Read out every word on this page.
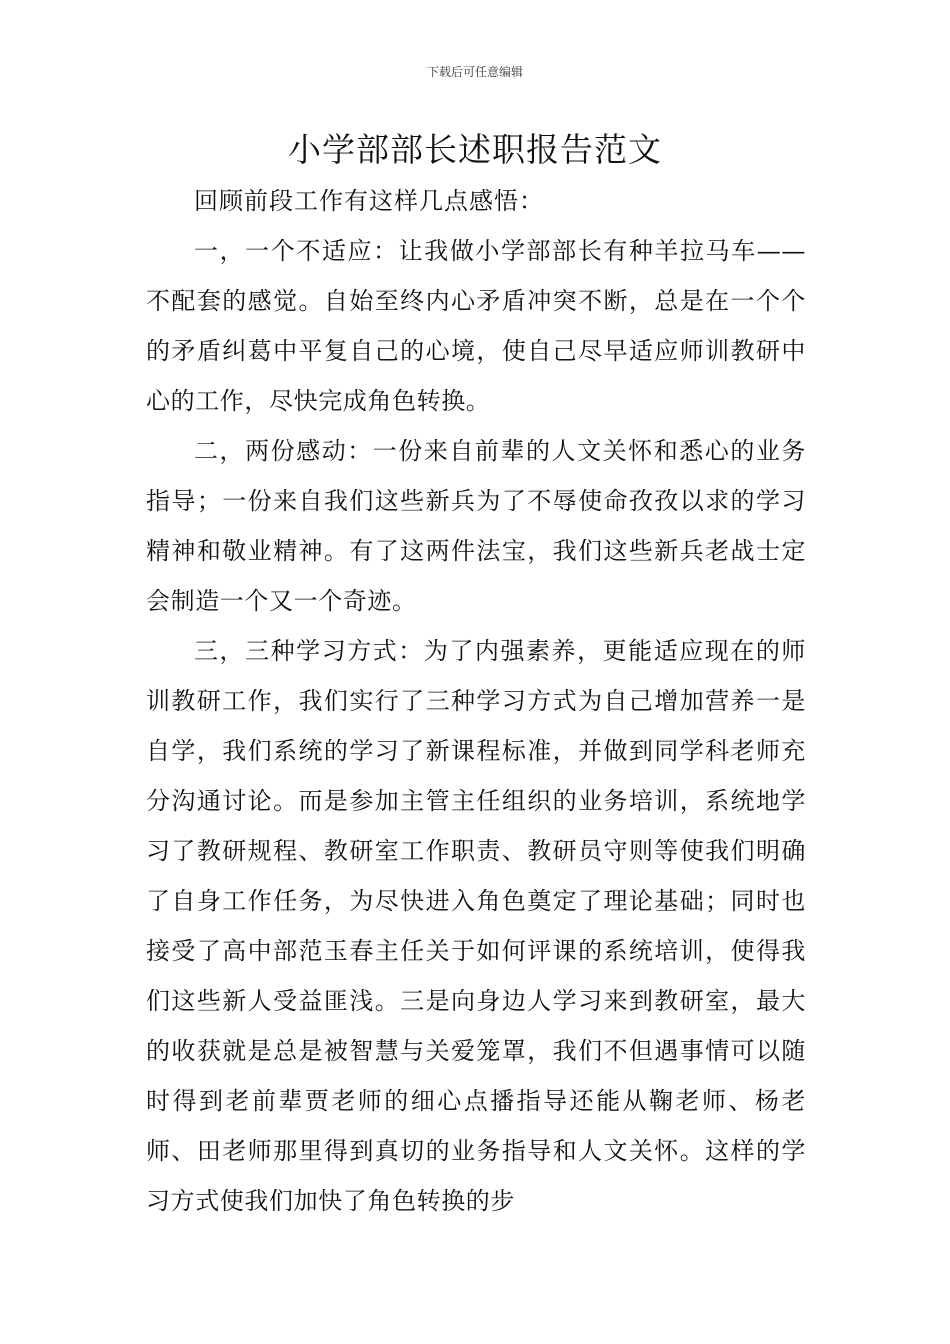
下载后可任意编辑
小学部部长述职报告范文

回顾前段工作有这样几点感悟：

一，一个不适应：让我做小学部部长有种羊拉马车——不配套的感觉。自始至终内心矛盾冲突不断，总是在一个个的矛盾纠葛中平复自己的心境，使自己尽早适应师训教研中心的工作，尽快完成角色转换。

二，两份感动：一份来自前辈的人文关怀和悉心的业务指导；一份来自我们这些新兵为了不辱使命孜孜以求的学习精神和敬业精神。有了这两件法宝，我们这些新兵老战士定会制造一个又一个奇迹。

三，三种学习方式：为了内强素养，更能适应现在的师训教研工作，我们实行了三种学习方式为自己增加营养一是自学，我们系统的学习了新课程标准，并做到同学科老师充分沟通讨论。而是参加主管主任组织的业务培训，系统地学习了教研规程、教研室工作职责、教研员守则等使我们明确了自身工作任务，为尽快进入角色奠定了理论基础；同时也接受了高中部范玉春主任关于如何评课的系统培训，使得我们这些新人受益匪浅。三是向身边人学习来到教研室，最大的收获就是总是被智慧与关爱笼罩，我们不但遇事情可以随时得到老前辈贾老师的细心点播指导还能从鞠老师、杨老师、田老师那里得到真切的业务指导和人文关怀。这样的学习方式使我们加快了角色转换的步
